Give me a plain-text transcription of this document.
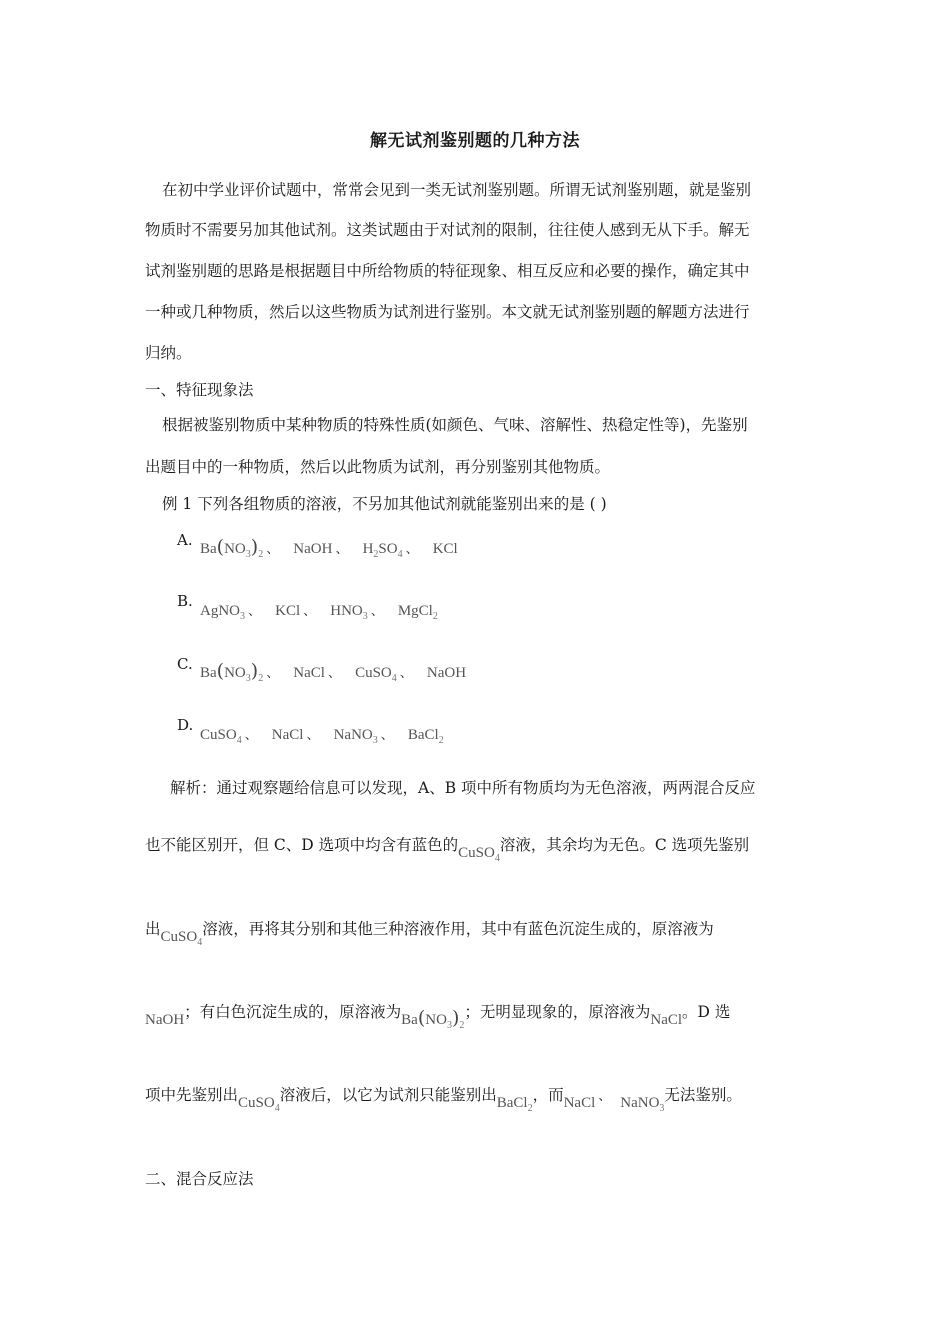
解无试剂鉴别题的几种方法
在初中学业评价试题中，常常会见到一类无试剂鉴别题。所谓无试剂鉴别题，就是鉴别
物质时不需要另加其他试剂。这类试题由于对试剂的限制，往往使人感到无从下手。解无
试剂鉴别题的思路是根据题目中所给物质的特征现象、相互反应和必要的操作，确定其中
一种或几种物质，然后以这些物质为试剂进行鉴别。本文就无试剂鉴别题的解题方法进行
归纳。
一、特征现象法
根据被鉴别物质中某种物质的特殊性质(如颜色、气味、溶解性、热稳定性等)，先鉴别
出题目中的一种物质，然后以此物质为试剂，再分别鉴别其他物质。
例 1 下列各组物质的溶液，不另加其他试剂就能鉴别出来的是 ( )
A. $Ba(NO_3)_2$ 、 NaOH 、 $H_2SO_4$ 、 KCl
B.
AgNO$_3$ 、 KCl 、 $HNO_3$ 、 MgCl$_2$
C. $Ba(NO_3)_2$ 、 NaCl 、 CuSO$_4$ 、 NaOH
D.
CuSO$_4$ 、 NaCl 、 NaNO$_3$ 、 BaCl$_2$
解析：通过观察题给信息可以发现，A、B 项中所有物质均为无色溶液，两两混合反应
也不能区别开，但 C、D 选项中均含有蓝色的CuSO$_4$溶液，其余均为无色。C 选项先鉴别
出CuSO$_4$溶液，再将其分别和其他三种溶液作用，其中有蓝色沉淀生成的，原溶液为
NaOH；有白色沉淀生成的，原溶液为$Ba(NO_3)_2$；无明显现象的，原溶液为NaCl。D 选
项中先鉴别出CuSO$_4$溶液后，以它为试剂只能鉴别出BaCl$_2$，而NaCl 、 NaNO$_3$无法鉴别。
二、混合反应法
